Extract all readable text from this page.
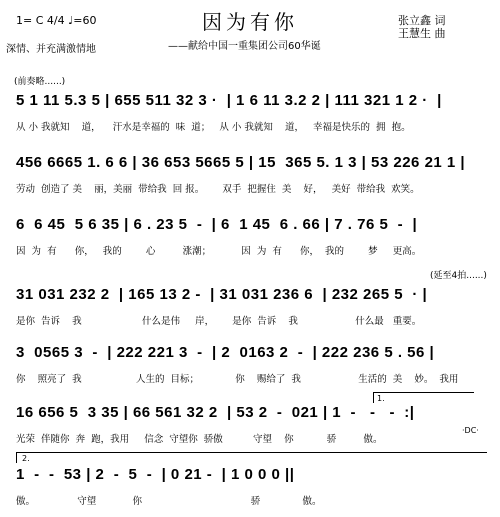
因为有你
——献给中国一重集团公司60华诞
1= C 4/4 ♩=60
深情、并充满激情地
张立鑫 词
王慧生 曲
(前奏略......)
5 1 11 5.3 5 | 655 511 32 3 ·  | 1 6 11 3.2 2 | 111 321 1 2 ·  |
从 小 我就知    道，    汗水是幸福的  味  道；   从 小 我就知    道，   幸福是快乐的  拥  抱。
456 6665 1. 6 6 | 36 653 5665 5 | 15  365 5. 1 3 | 53 226 21 1 |
劳动  创造了 美    丽，美丽  带给我  回 报。      双手  把握住  美    好，   美好  带给我  欢笑。
6  6 45  5 6 35 | 6 . 23 5  -  | 6  1 45  6 . 66 | 7 . 76 5  -  |
因  为  有      你，   我的        心         涨潮；          因  为  有      你，  我的        梦     更高。
(延至4拍......)
31 031 232 2  | 165 13 2 -  | 31 031 236 6  | 232 265 5  · |
是你  告诉    我                    什么是伟     岸，      是你  告诉    我                   什么最   重要。
3  0565 3  -  | 222 221 3  -  | 2  0163 2  -  | 222 236 5 . 56 |
你    照亮了  我                  人生的  目标；            你    赐给了  我                   生活的  美    妙。  我用
1.
16 656 5  3 35 | 66 561 32 2  | 53 2  -  021 | 1  -   -   -  :|
光荣  伴随你  奔  跑，我用     信念  守望你  骄傲          守望    你           骄         傲。
·DC·
2.
1  -  -  53 | 2  -  5  -  | 0 21 -  | 1 0 0 0 ||
傲。              守望            你                                    骄              傲。
